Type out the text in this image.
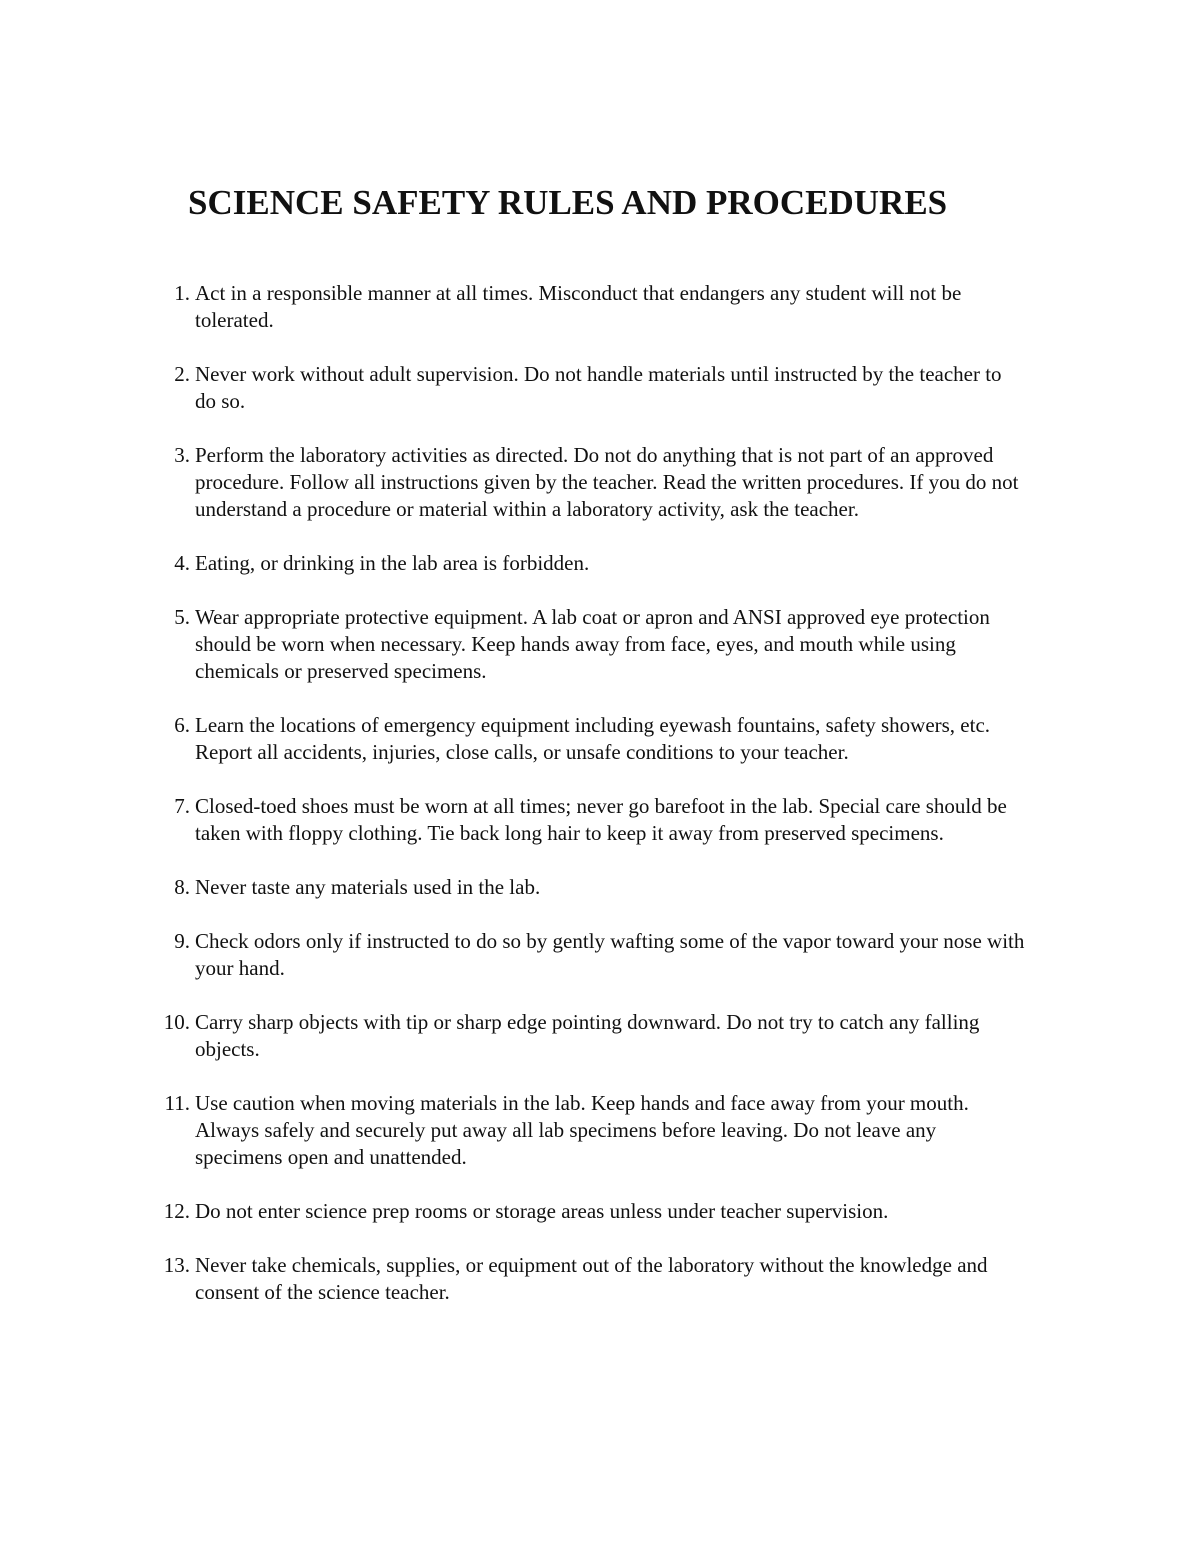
SCIENCE SAFETY RULES AND PROCEDURES
1. Act in a responsible manner at all times. Misconduct that endangers any student will not be tolerated.
2. Never work without adult supervision. Do not handle materials until instructed by the teacher to do so.
3. Perform the laboratory activities as directed. Do not do anything that is not part of an approved procedure. Follow all instructions given by the teacher. Read the written procedures. If you do not understand a procedure or material within a laboratory activity, ask the teacher.
4. Eating, or drinking in the lab area is forbidden.
5. Wear appropriate protective equipment. A lab coat or apron and ANSI approved eye protection should be worn when necessary. Keep hands away from face, eyes, and mouth while using chemicals or preserved specimens.
6. Learn the locations of emergency equipment including eyewash fountains, safety showers, etc. Report all accidents, injuries, close calls, or unsafe conditions to your teacher.
7. Closed-toed shoes must be worn at all times; never go barefoot in the lab. Special care should be taken with floppy clothing. Tie back long hair to keep it away from preserved specimens.
8. Never taste any materials used in the lab.
9. Check odors only if instructed to do so by gently wafting some of the vapor toward your nose with your hand.
10. Carry sharp objects with tip or sharp edge pointing downward. Do not try to catch any falling objects.
11. Use caution when moving materials in the lab. Keep hands and face away from your mouth. Always safely and securely put away all lab specimens before leaving. Do not leave any specimens open and unattended.
12. Do not enter science prep rooms or storage areas unless under teacher supervision.
13. Never take chemicals, supplies, or equipment out of the laboratory without the knowledge and consent of the science teacher.
